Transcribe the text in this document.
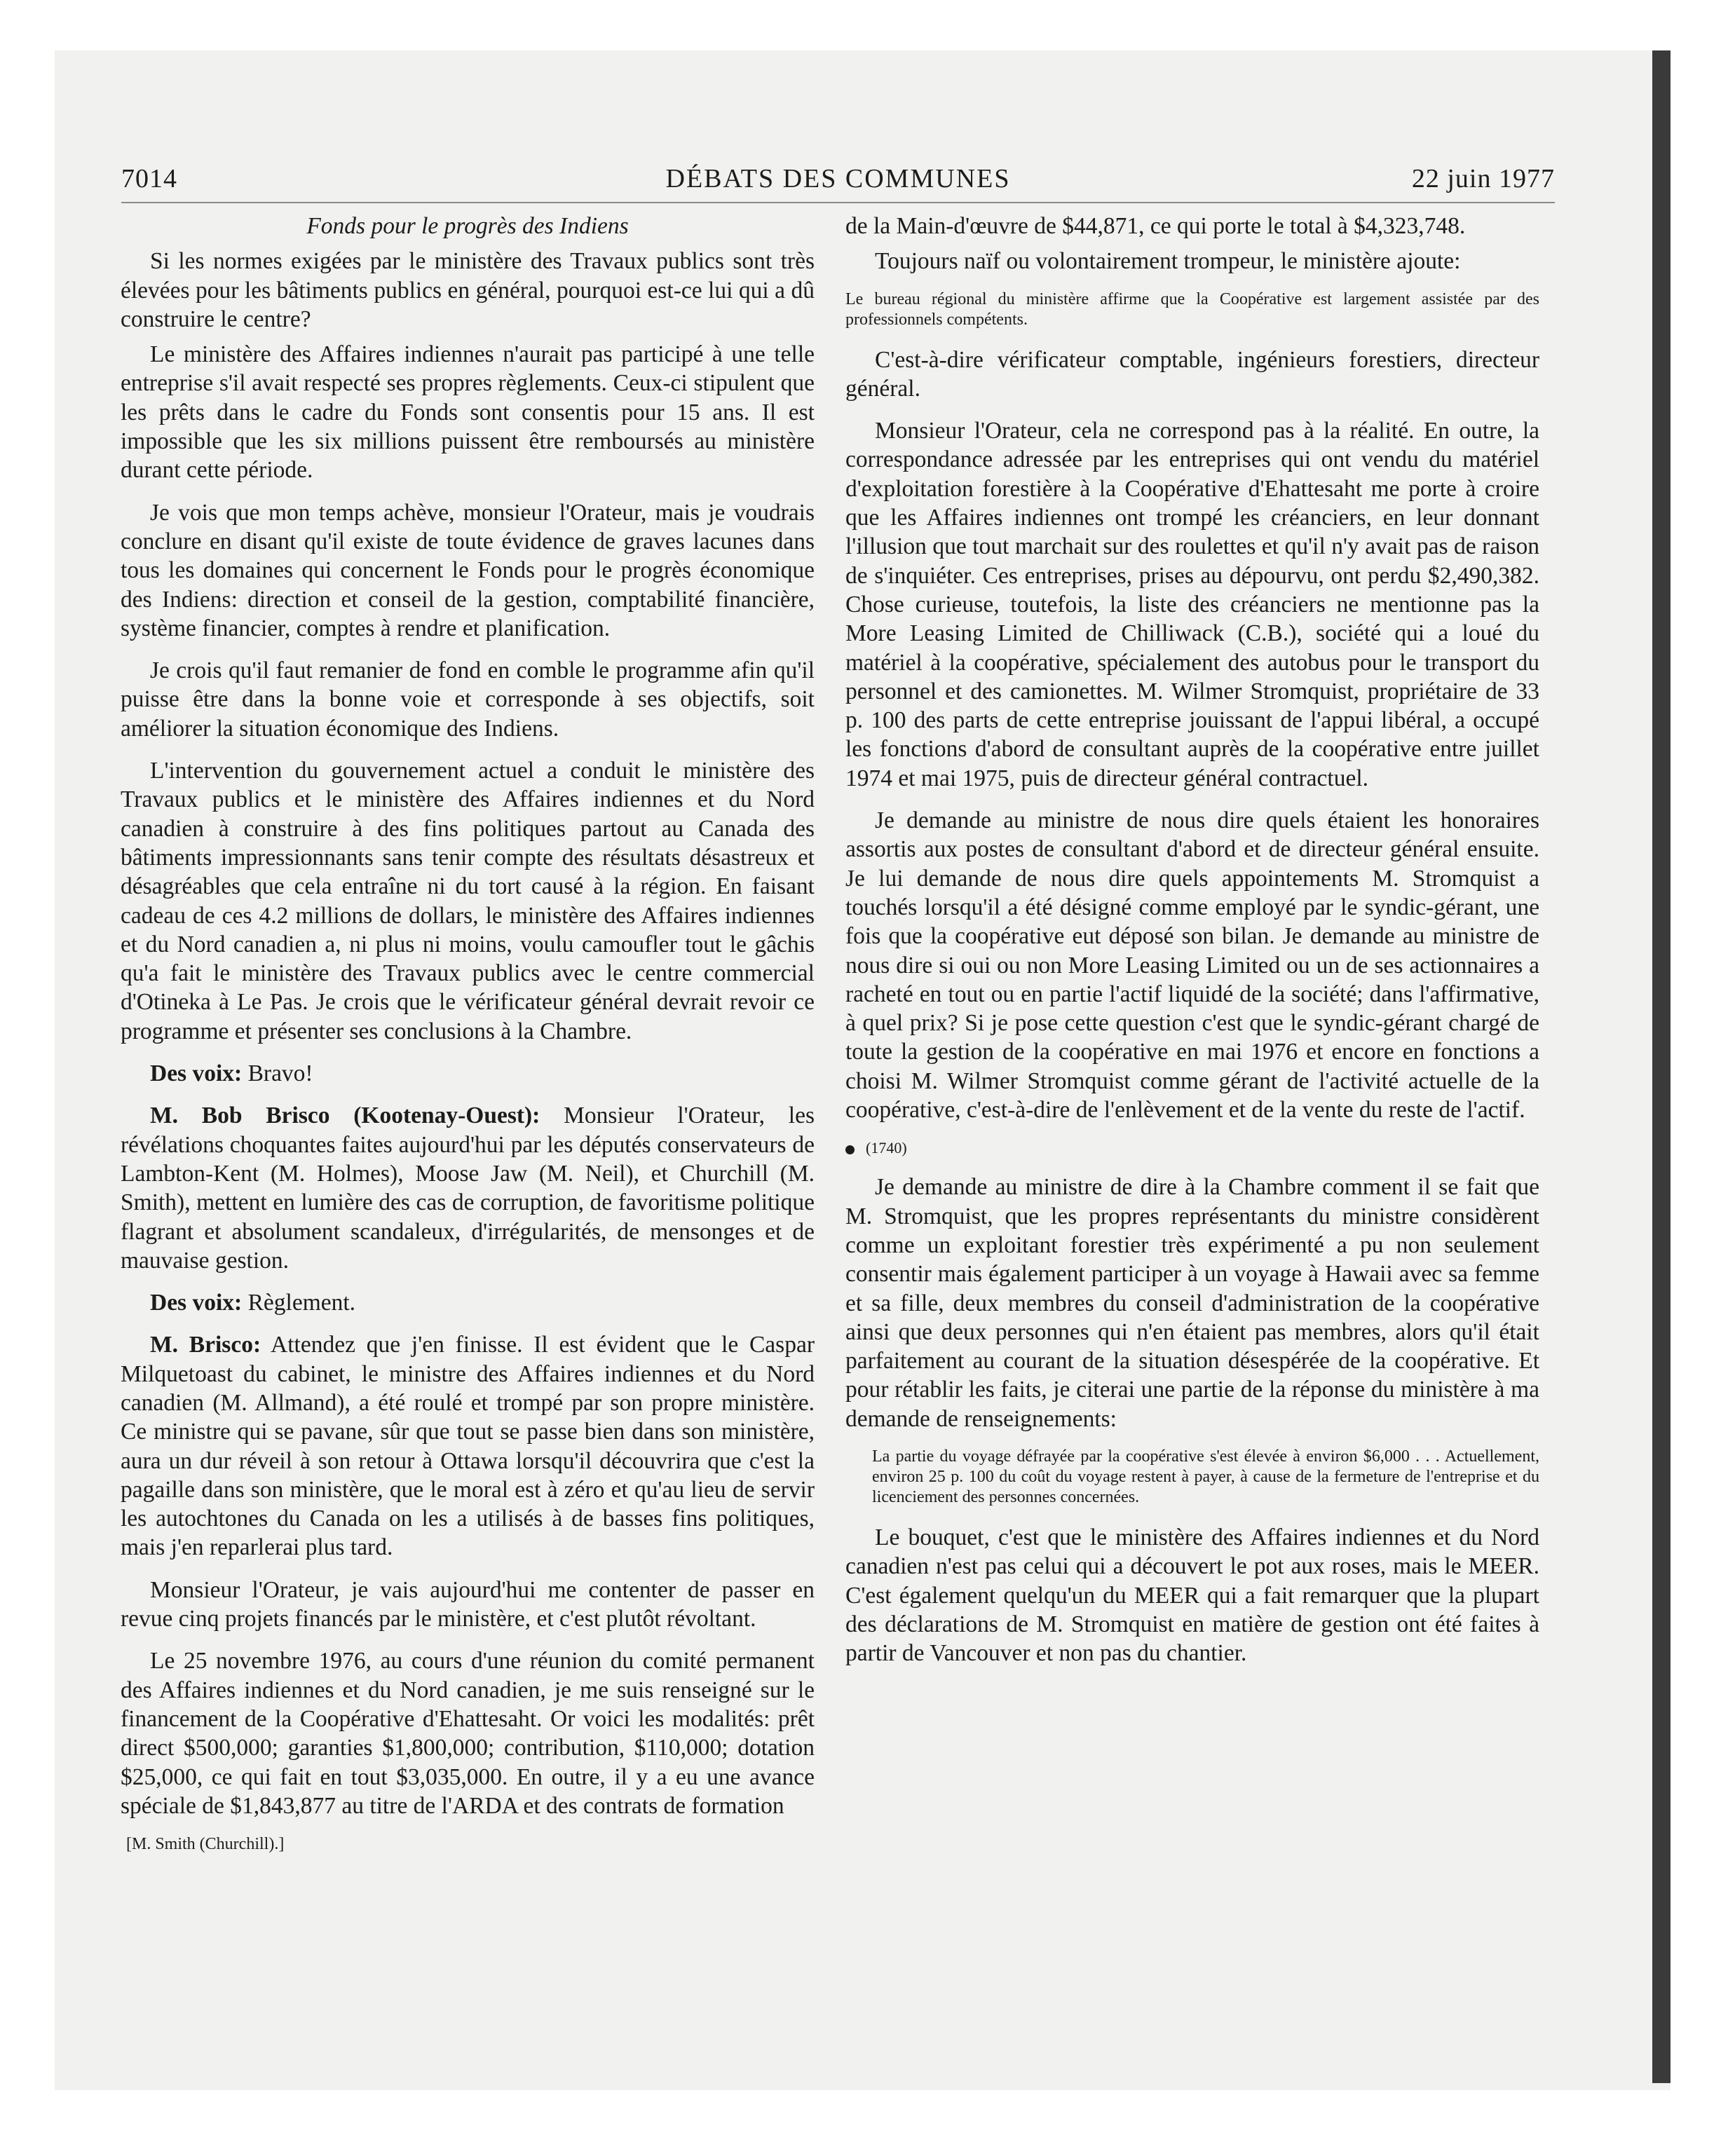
7014	DÉBATS DES COMMUNES	22 juin 1977

Fonds pour le progrès des Indiens

Si les normes exigées par le ministère des Travaux publics sont très élevées pour les bâtiments publics en général, pourquoi est-ce lui qui a dû construire le centre?

Le ministère des Affaires indiennes n'aurait pas participé à une telle entreprise s'il avait respecté ses propres règlements. Ceux-ci stipulent que les prêts dans le cadre du Fonds sont consentis pour 15 ans. Il est impossible que les six millions puissent être remboursés au ministère durant cette période.

Je vois que mon temps achève, monsieur l'Orateur, mais je voudrais conclure en disant qu'il existe de toute évidence de graves lacunes dans tous les domaines qui concernent le Fonds pour le progrès économique des Indiens: direction et conseil de la gestion, comptabilité financière, système financier, comptes à rendre et planification.

Je crois qu'il faut remanier de fond en comble le programme afin qu'il puisse être dans la bonne voie et corresponde à ses objectifs, soit améliorer la situation économique des Indiens.

L'intervention du gouvernement actuel a conduit le ministère des Travaux publics et le ministère des Affaires indiennes et du Nord canadien à construire à des fins politiques partout au Canada des bâtiments impressionnants sans tenir compte des résultats désastreux et désagréables que cela entraîne ni du tort causé à la région. En faisant cadeau de ces 4.2 millions de dollars, le ministère des Affaires indiennes et du Nord canadien a, ni plus ni moins, voulu camoufler tout le gâchis qu'a fait le ministère des Travaux publics avec le centre commercial d'Otineka à Le Pas. Je crois que le vérificateur général devrait revoir ce programme et présenter ses conclusions à la Chambre.

Des voix: Bravo!

M. Bob Brisco (Kootenay-Ouest): Monsieur l'Orateur, les révélations choquantes faites aujourd'hui par les députés conservateurs de Lambton-Kent (M. Holmes), Moose Jaw (M. Neil), et Churchill (M. Smith), mettent en lumière des cas de corruption, de favoritisme politique flagrant et absolument scandaleux, d'irrégularités, de mensonges et de mauvaise gestion.

Des voix: Règlement.

M. Brisco: Attendez que j'en finisse. Il est évident que le Caspar Milquetoast du cabinet, le ministre des Affaires indiennes et du Nord canadien (M. Allmand), a été roulé et trompé par son propre ministère. Ce ministre qui se pavane, sûr que tout se passe bien dans son ministère, aura un dur réveil à son retour à Ottawa lorsqu'il découvrira que c'est la pagaille dans son ministère, que le moral est à zéro et qu'au lieu de servir les autochtones du Canada on les a utilisés à de basses fins politiques, mais j'en reparlerai plus tard.

Monsieur l'Orateur, je vais aujourd'hui me contenter de passer en revue cinq projets financés par le ministère, et c'est plutôt révoltant.

Le 25 novembre 1976, au cours d'une réunion du comité permanent des Affaires indiennes et du Nord canadien, je me suis renseigné sur le financement de la Coopérative d'Ehattesaht. Or voici les modalités: prêt direct $500,000; garanties $1,800,000; contribution, $110,000; dotation $25,000, ce qui fait en tout $3,035,000. En outre, il y a eu une avance spéciale de $1,843,877 au titre de l'ARDA et des contrats de formation

[M. Smith (Churchill).]

de la Main-d'œuvre de $44,871, ce qui porte le total à $4,323,748.

Toujours naïf ou volontairement trompeur, le ministère ajoute:

Le bureau régional du ministère affirme que la Coopérative est largement assistée par des professionnels compétents.

C'est-à-dire vérificateur comptable, ingénieurs forestiers, directeur général.

Monsieur l'Orateur, cela ne correspond pas à la réalité. En outre, la correspondance adressée par les entreprises qui ont vendu du matériel d'exploitation forestière à la Coopérative d'Ehattesaht me porte à croire que les Affaires indiennes ont trompé les créanciers, en leur donnant l'illusion que tout marchait sur des roulettes et qu'il n'y avait pas de raison de s'inquiéter. Ces entreprises, prises au dépourvu, ont perdu $2,490,382. Chose curieuse, toutefois, la liste des créanciers ne mentionne pas la More Leasing Limited de Chilliwack (C.B.), société qui a loué du matériel à la coopérative, spécialement des autobus pour le transport du personnel et des camionettes. M. Wilmer Stromquist, propriétaire de 33 p. 100 des parts de cette entreprise jouissant de l'appui libéral, a occupé les fonctions d'abord de consultant auprès de la coopérative entre juillet 1974 et mai 1975, puis de directeur général contractuel.

Je demande au ministre de nous dire quels étaient les honoraires assortis aux postes de consultant d'abord et de directeur général ensuite. Je lui demande de nous dire quels appointements M. Stromquist a touchés lorsqu'il a été désigné comme employé par le syndic-gérant, une fois que la coopérative eut déposé son bilan. Je demande au ministre de nous dire si oui ou non More Leasing Limited ou un de ses actionnaires a racheté en tout ou en partie l'actif liquidé de la société; dans l'affirmative, à quel prix? Si je pose cette question c'est que le syndic-gérant chargé de toute la gestion de la coopérative en mai 1976 et encore en fonctions a choisi M. Wilmer Stromquist comme gérant de l'activité actuelle de la coopérative, c'est-à-dire de l'enlèvement et de la vente du reste de l'actif.

(1740)

Je demande au ministre de dire à la Chambre comment il se fait que M. Stromquist, que les propres représentants du ministre considèrent comme un exploitant forestier très expérimenté a pu non seulement consentir mais également participer à un voyage à Hawaii avec sa femme et sa fille, deux membres du conseil d'administration de la coopérative ainsi que deux personnes qui n'en étaient pas membres, alors qu'il était parfaitement au courant de la situation désespérée de la coopérative. Et pour rétablir les faits, je citerai une partie de la réponse du ministère à ma demande de renseignements:

La partie du voyage défrayée par la coopérative s'est élevée à environ $6,000 . . . Actuellement, environ 25 p. 100 du coût du voyage restent à payer, à cause de la fermeture de l'entreprise et du licenciement des personnes concernées.

Le bouquet, c'est que le ministère des Affaires indiennes et du Nord canadien n'est pas celui qui a découvert le pot aux roses, mais le MEER. C'est également quelqu'un du MEER qui a fait remarquer que la plupart des déclarations de M. Stromquist en matière de gestion ont été faites à partir de Vancouver et non pas du chantier.
